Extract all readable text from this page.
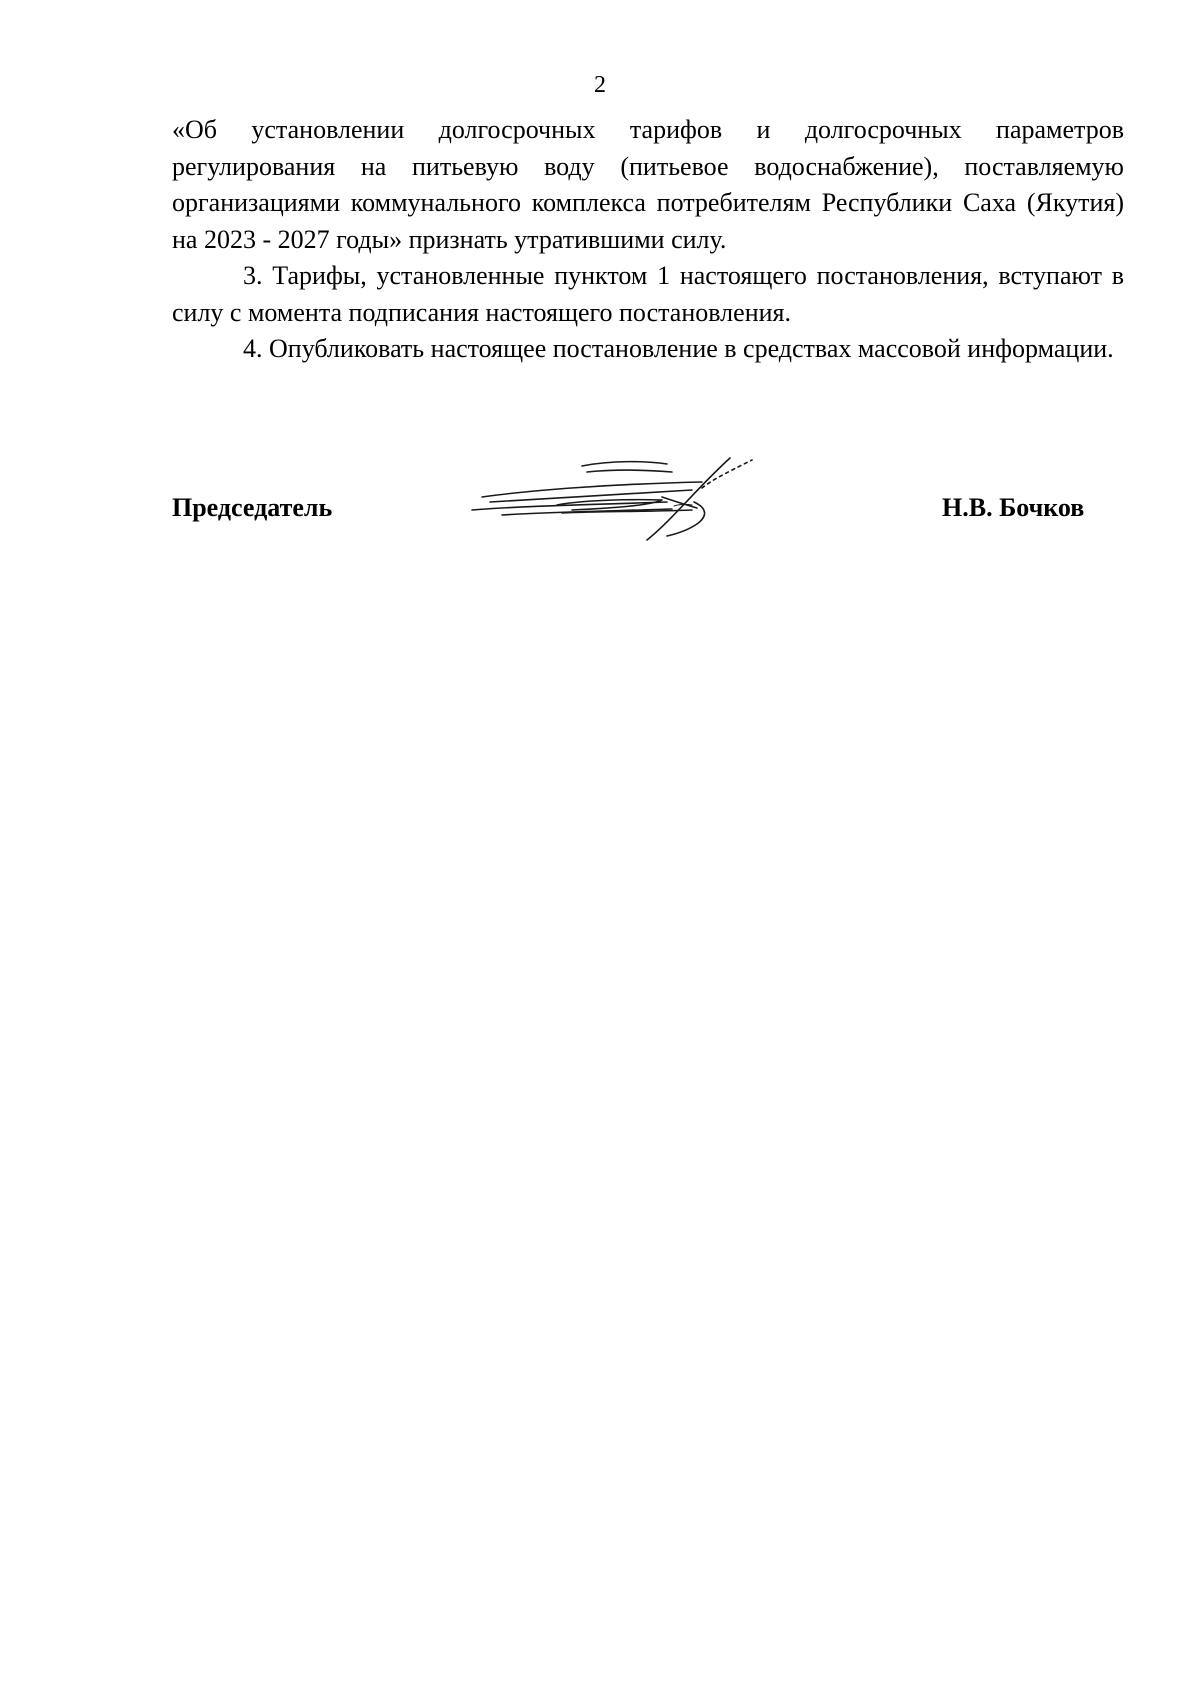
2

«Об установлении долгосрочных тарифов и долгосрочных параметров регулирования на питьевую воду (питьевое водоснабжение), поставляемую организациями коммунального комплекса потребителям Республики Саха (Якутия) на 2023 - 2027 годы» признать утратившими силу.

3. Тарифы, установленные пунктом 1 настоящего постановления, вступают в силу с момента подписания настоящего постановления.

4. Опубликовать настоящее постановление в средствах массовой информации.

Председатель	Н.В. Бочков
